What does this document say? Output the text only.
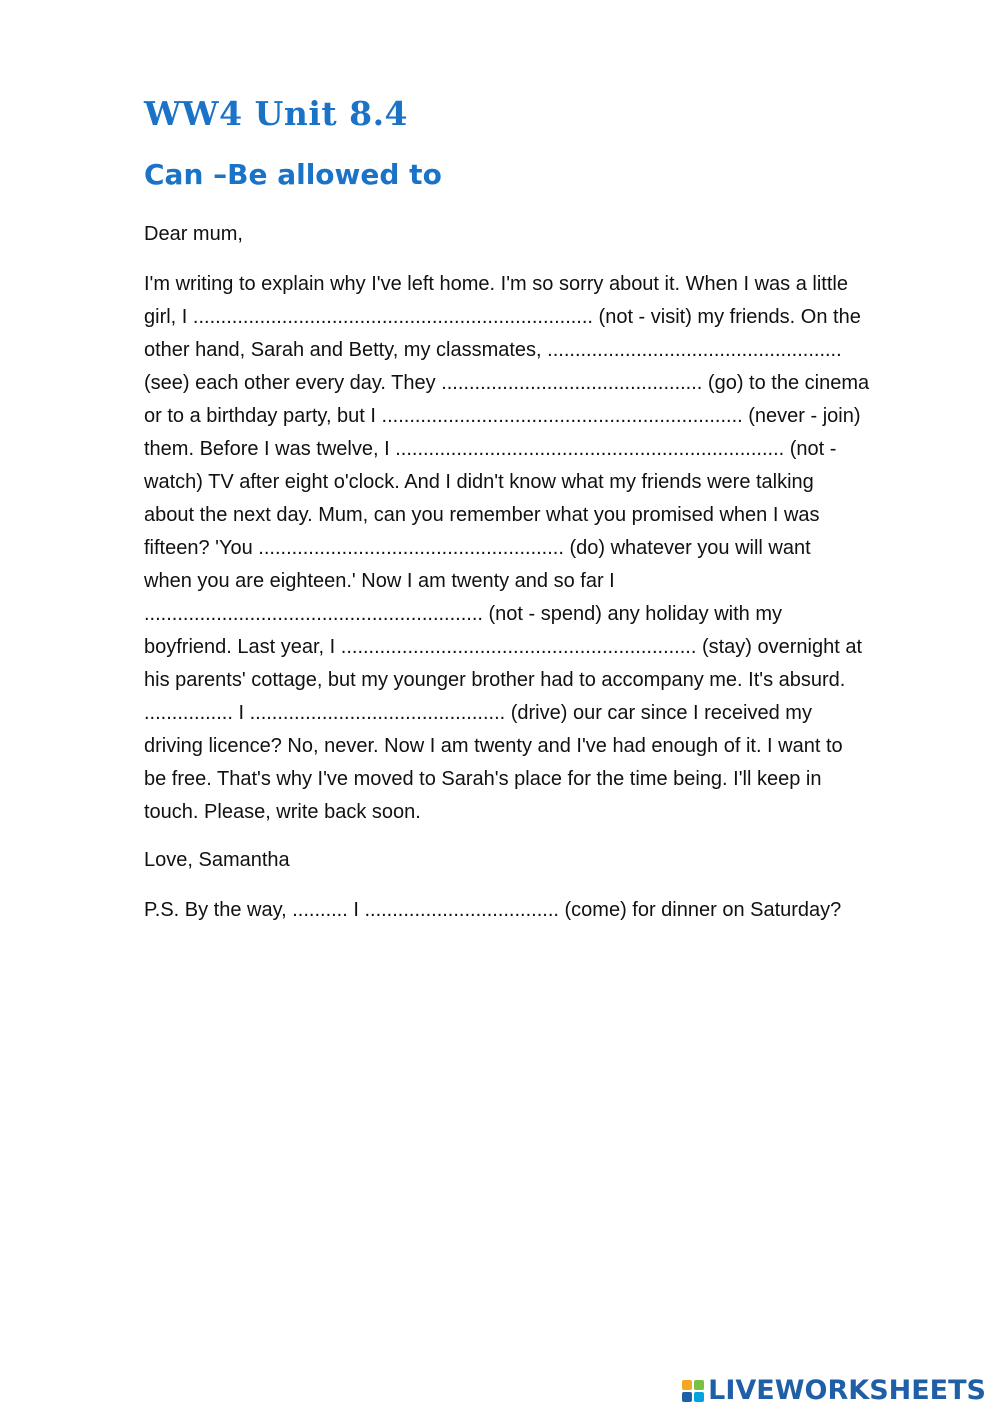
WW4 Unit 8.4
Can –Be allowed to

Dear mum,

I'm writing to explain why I've left home. I'm so sorry about it. When I was a little
girl, I ........................................................................ (not - visit) my friends. On the
other hand, Sarah and Betty, my classmates, .....................................................
(see) each other every day. They ............................................... (go) to the cinema
or to a birthday party, but I ................................................................. (never - join)
them. Before I was twelve, I ...................................................................... (not -
watch) TV after eight o'clock. And I didn't know what my friends were talking
about the next day. Mum, can you remember what you promised when I was
fifteen? 'You ....................................................... (do) whatever you will want
when you are eighteen.' Now I am twenty and so far I
............................................................. (not - spend) any holiday with my
boyfriend. Last year, I ................................................................ (stay) overnight at
his parents' cottage, but my younger brother had to accompany me. It's absurd.
................ I .............................................. (drive) our car since I received my
driving licence? No, never. Now I am twenty and I've had enough of it. I want to
be free. That's why I've moved to Sarah's place for the time being. I'll keep in
touch. Please, write back soon.

Love, Samantha

P.S. By the way, .......... I ................................... (come) for dinner on Saturday?

LIVEWORKSHEETS
